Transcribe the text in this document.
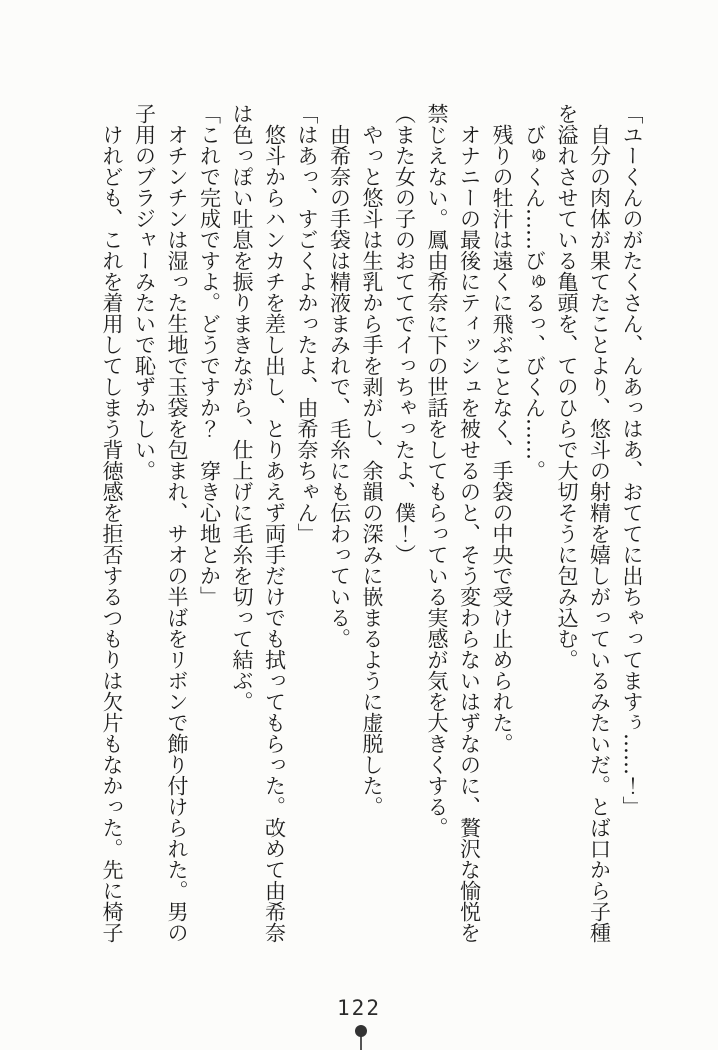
「ユーくんのがたくさん、んあっはあ、おててに出ちゃってますぅ……！」
自分の肉体が果てたことより、悠斗の射精を嬉しがっているみたいだ。とば口から子種
を溢れさせている亀頭を、てのひらで大切そうに包み込む。
びゅくん……びゅるっ、びくん……。
残りの牡汁は遠くに飛ぶことなく、手袋の中央で受け止められた。
オナニーの最後にティッシュを被せるのと、そう変わらないはずなのに、贅沢な愉悦を
禁じえない。鳳由希奈に下の世話をしてもらっている実感が気を大きくする。
（また女の子のおててでイっちゃったよ、僕！）
やっと悠斗は生乳から手を剥がし、余韻の深みに嵌まるように虚脱した。
由希奈の手袋は精液まみれで、毛糸にも伝わっている。
「はあっ、すごくよかったよ、由希奈ちゃん」
悠斗からハンカチを差し出し、とりあえず両手だけでも拭ってもらった。改めて由希奈
は色っぽい吐息を振りまきながら、仕上げに毛糸を切って結ぶ。
「これで完成ですよ。どうですか？　穿き心地とか」
オチンチンは湿った生地で玉袋を包まれ、サオの半ばをリボンで飾り付けられた。男の
子用のブラジャーみたいで恥ずかしい。
けれども、これを着用してしまう背徳感を拒否するつもりは欠片もなかった。先に椅子
122
